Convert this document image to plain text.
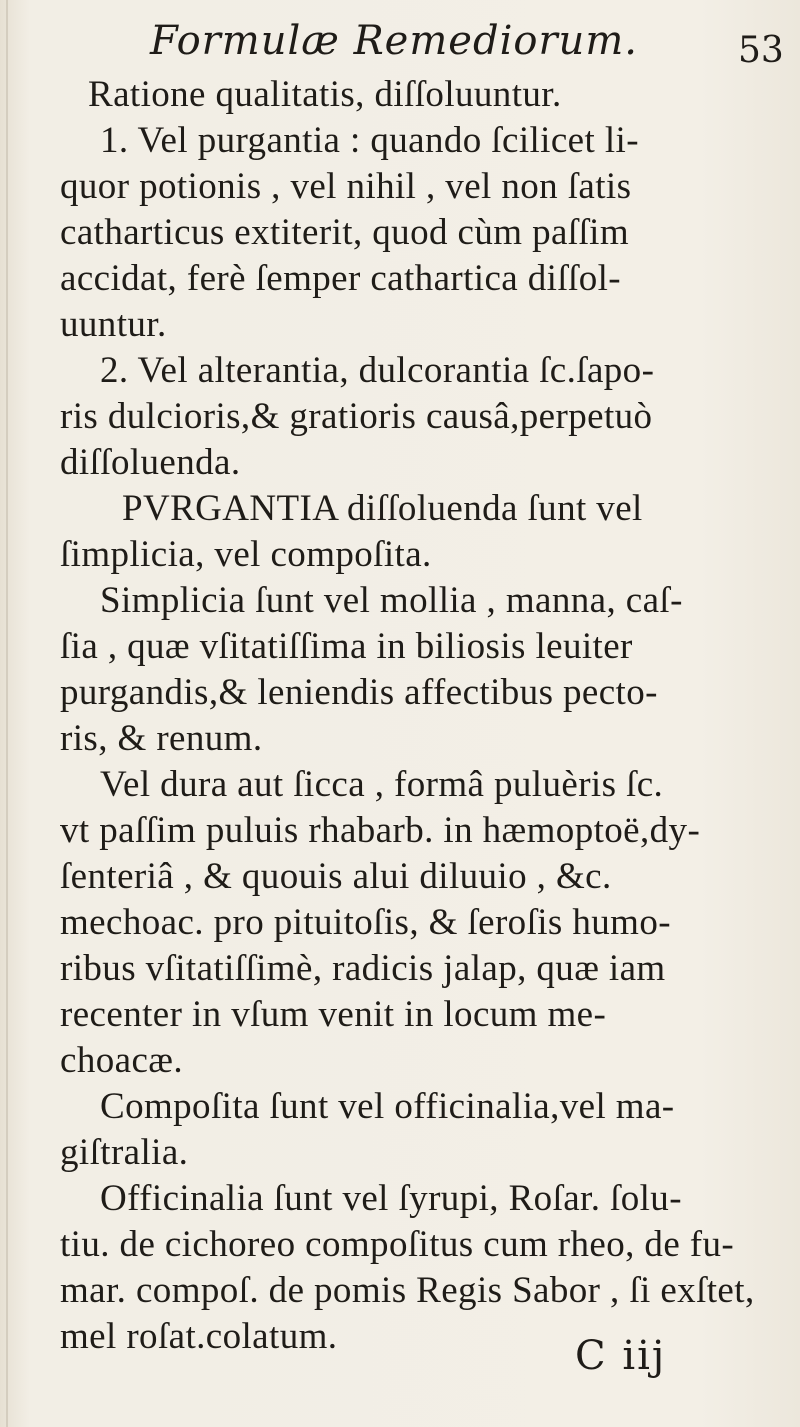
Formulæ Remediorum.	53
Ratione qualitatis, diſſoluuntur.
1. Vel purgantia : quando ſcilicet li-
quor potionis , vel nihil , vel non ſatis
catharticus extiterit, quod cùm paſſim
accidat, ferè ſemper cathartica diſſol-
uuntur.
2. Vel alterantia, dulcorantia ſc.ſapo-
ris dulcioris,& gratioris causâ,perpetuò
diſſoluenda.
PVRGANTIA diſſoluenda ſunt vel
ſimplicia, vel compoſita.
Simplicia ſunt vel mollia , manna, caſ-
ſia , quæ vſitatiſſima in biliosis leuiter
purgandis,& leniendis affectibus pecto-
ris, & renum.
Vel dura aut ſicca , formâ puluèris ſc.
vt paſſim puluis rhabarb. in hæmoptoë,dy-
ſenteriâ , & quouis alui diluuio , &c.
mechoac. pro pituitoſis, & ſeroſis humo-
ribus vſitatiſſimè, radicis jalap, quæ iam
recenter in vſum venit in locum me-
choacæ.
Compoſita ſunt vel officinalia,vel ma-
giſtralia.
Officinalia ſunt vel ſyrupi, Roſar. ſolu-
tiu. de cichoreo compoſitus cum rheo, de fu-
mar. compoſ. de pomis Regis Sabor , ſi exſtet,
mel roſat.colatum.	C iij
